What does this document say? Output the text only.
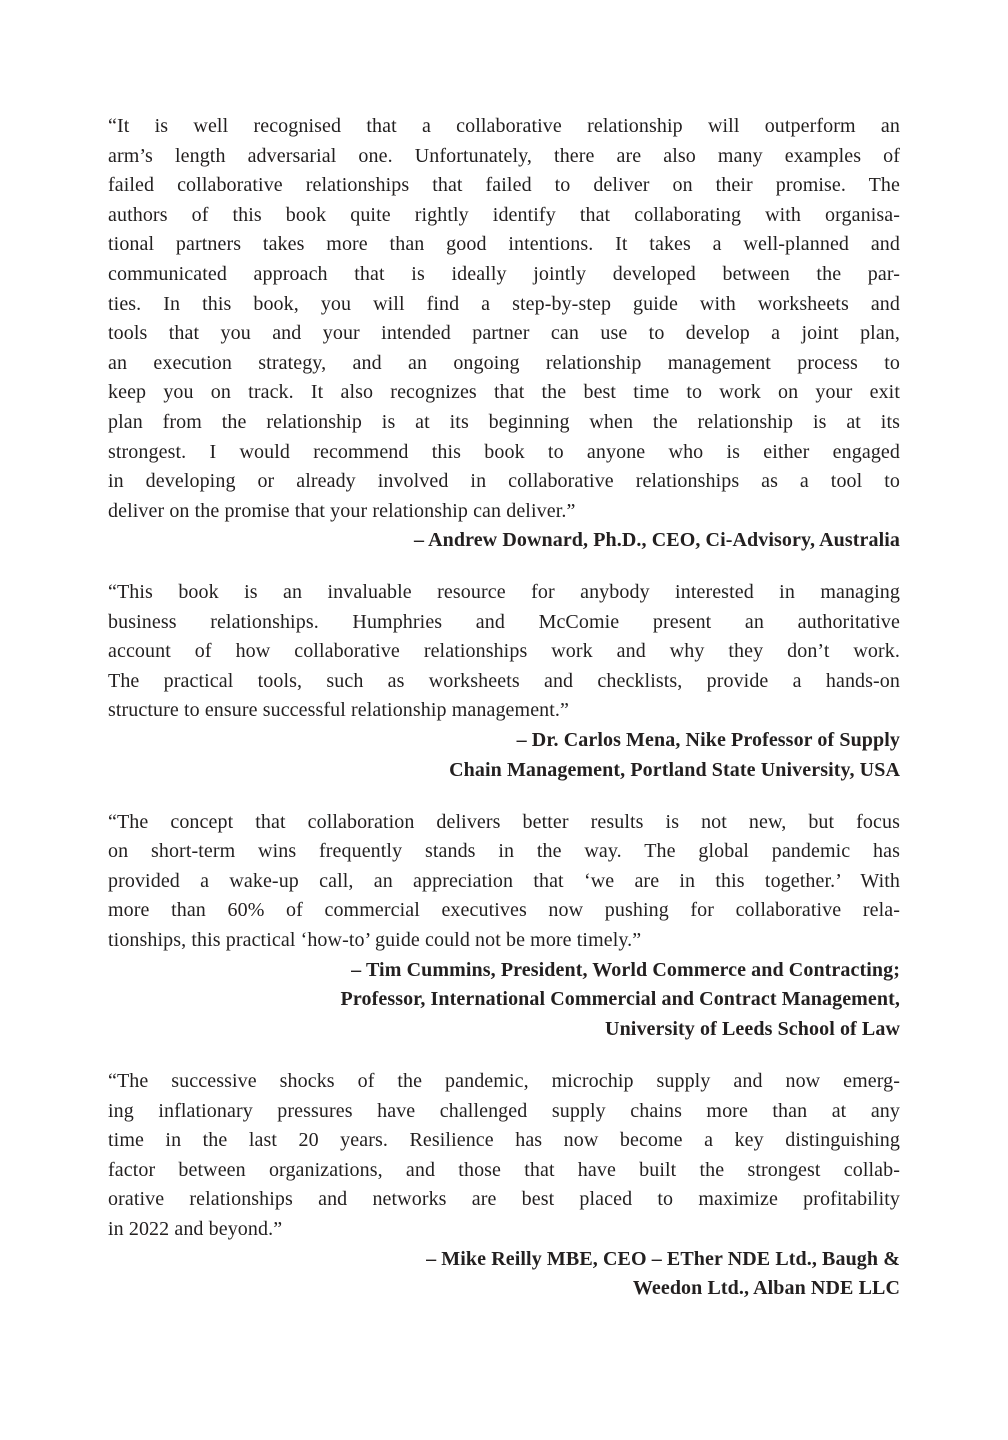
“It is well recognised that a collaborative relationship will outperform an
arm’s length adversarial one. Unfortunately, there are also many examples of
failed collaborative relationships that failed to deliver on their promise. The
authors of this book quite rightly identify that collaborating with organisa-
tional partners takes more than good intentions. It takes a well-planned and
communicated approach that is ideally jointly developed between the par-
ties. In this book, you will find a step-by-step guide with worksheets and
tools that you and your intended partner can use to develop a joint plan,
an execution strategy, and an ongoing relationship management process to
keep you on track. It also recognizes that the best time to work on your exit
plan from the relationship is at its beginning when the relationship is at its
strongest. I would recommend this book to anyone who is either engaged
in developing or already involved in collaborative relationships as a tool to
deliver on the promise that your relationship can deliver.”
– Andrew Downard, Ph.D., CEO, Ci-Advisory, Australia
“This book is an invaluable resource for anybody interested in managing
business relationships. Humphries and McComie present an authoritative
account of how collaborative relationships work and why they don’t work.
The practical tools, such as worksheets and checklists, provide a hands-on
structure to ensure successful relationship management.”
– Dr. Carlos Mena, Nike Professor of Supply
Chain Management, Portland State University, USA
“The concept that collaboration delivers better results is not new, but focus
on short-term wins frequently stands in the way. The global pandemic has
provided a wake-up call, an appreciation that ‘we are in this together.’ With
more than 60% of commercial executives now pushing for collaborative rela-
tionships, this practical ‘how-to’ guide could not be more timely.”
– Tim Cummins, President, World Commerce and Contracting;
Professor, International Commercial and Contract Management,
University of Leeds School of Law
“The successive shocks of the pandemic, microchip supply and now emerg-
ing inflationary pressures have challenged supply chains more than at any
time in the last 20 years. Resilience has now become a key distinguishing
factor between organizations, and those that have built the strongest collab-
orative relationships and networks are best placed to maximize profitability
in 2022 and beyond.”
– Mike Reilly MBE, CEO – ETher NDE Ltd., Baugh &
Weedon Ltd., Alban NDE LLC
